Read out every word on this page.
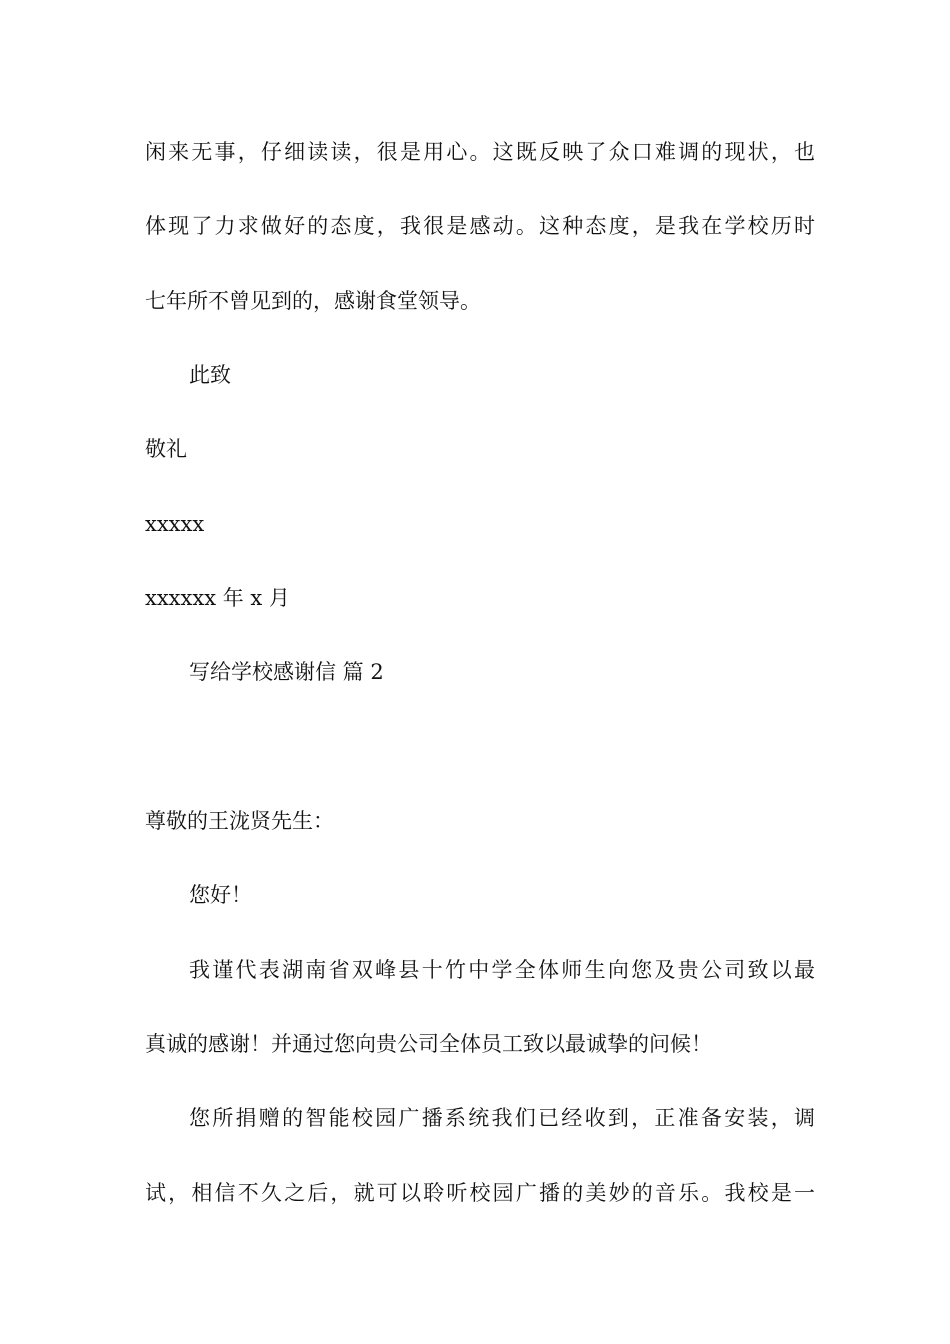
闲来无事，仔细读读，很是用心。这既反映了众口难调的现状，也
体现了力求做好的态度，我很是感动。这种态度，是我在学校历时
七年所不曾见到的，感谢食堂领导。
此致
敬礼
xxxxx
xxxxxx 年 x 月
写给学校感谢信 篇 2
尊敬的王泷贤先生：
您好！
我谨代表湖南省双峰县十竹中学全体师生向您及贵公司致以最
真诚的感谢！并通过您向贵公司全体员工致以最诚挚的问候！
您所捐赠的智能校园广播系统我们已经收到，正准备安装，调
试，相信不久之后，就可以聆听校园广播的美妙的音乐。我校是一
